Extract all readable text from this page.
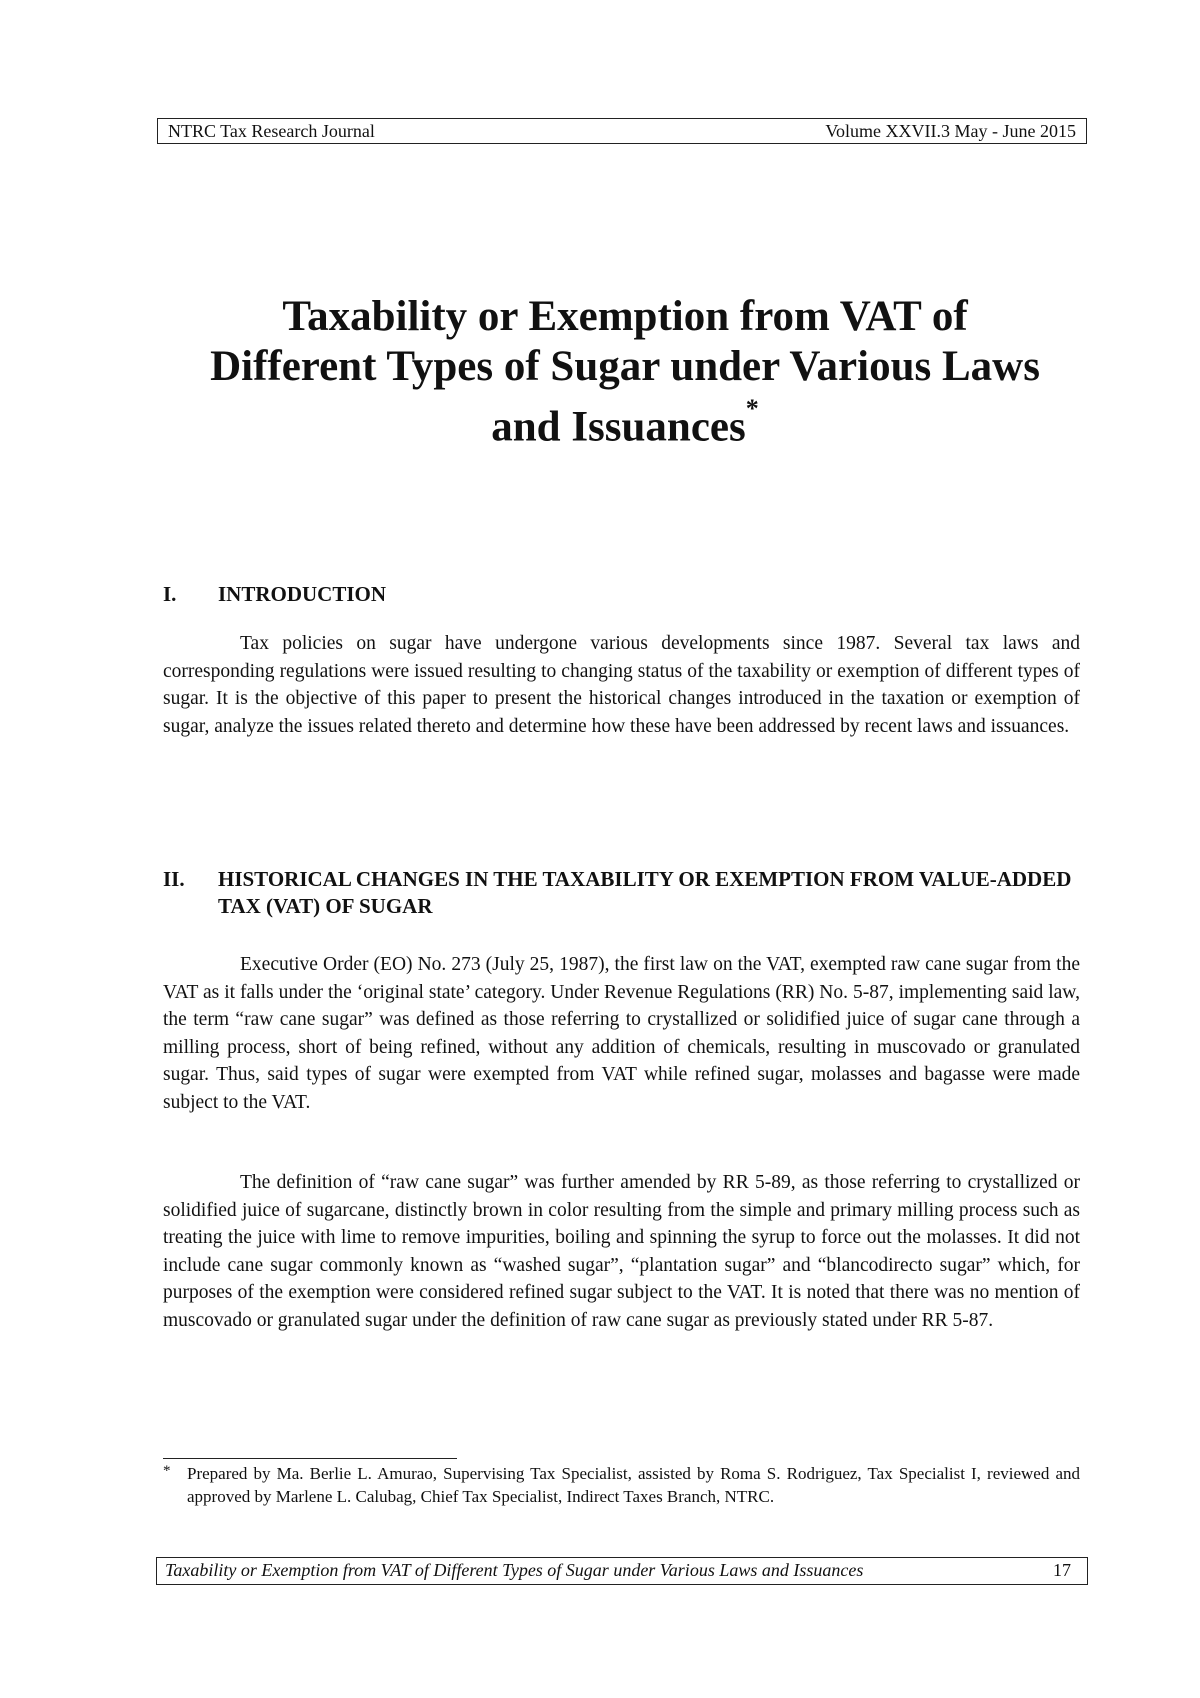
NTRC Tax Research Journal	Volume XXVII.3 May - June 2015
Taxability or Exemption from VAT of
Different Types of Sugar under Various Laws
and Issuances*
I. INTRODUCTION

Tax policies on sugar have undergone various developments since 1987. Several tax laws and corresponding regulations were issued resulting to changing status of the taxability or exemption of different types of sugar. It is the objective of this paper to present the historical changes introduced in the taxation or exemption of sugar, analyze the issues related thereto and determine how these have been addressed by recent laws and issuances.

II. HISTORICAL CHANGES IN THE TAXABILITY OR EXEMPTION FROM VALUE-ADDED TAX (VAT) OF SUGAR

Executive Order (EO) No. 273 (July 25, 1987), the first law on the VAT, exempted raw cane sugar from the VAT as it falls under the ‘original state’ category. Under Revenue Regulations (RR) No. 5-87, implementing said law, the term “raw cane sugar” was defined as those referring to crystallized or solidified juice of sugar cane through a milling process, short of being refined, without any addition of chemicals, resulting in muscovado or granulated sugar. Thus, said types of sugar were exempted from VAT while refined sugar, molasses and bagasse were made subject to the VAT.

The definition of “raw cane sugar” was further amended by RR 5-89, as those referring to crystallized or solidified juice of sugarcane, distinctly brown in color resulting from the simple and primary milling process such as treating the juice with lime to remove impurities, boiling and spinning the syrup to force out the molasses. It did not include cane sugar commonly known as “washed sugar”, “plantation sugar” and “blancodirecto sugar” which, for purposes of the exemption were considered refined sugar subject to the VAT. It is noted that there was no mention of muscovado or granulated sugar under the definition of raw cane sugar as previously stated under RR 5-87.

* Prepared by Ma. Berlie L. Amurao, Supervising Tax Specialist, assisted by Roma S. Rodriguez, Tax Specialist I, reviewed and approved by Marlene L. Calubag, Chief Tax Specialist, Indirect Taxes Branch, NTRC.
Taxability or Exemption from VAT of Different Types of Sugar under Various Laws and Issuances	17
